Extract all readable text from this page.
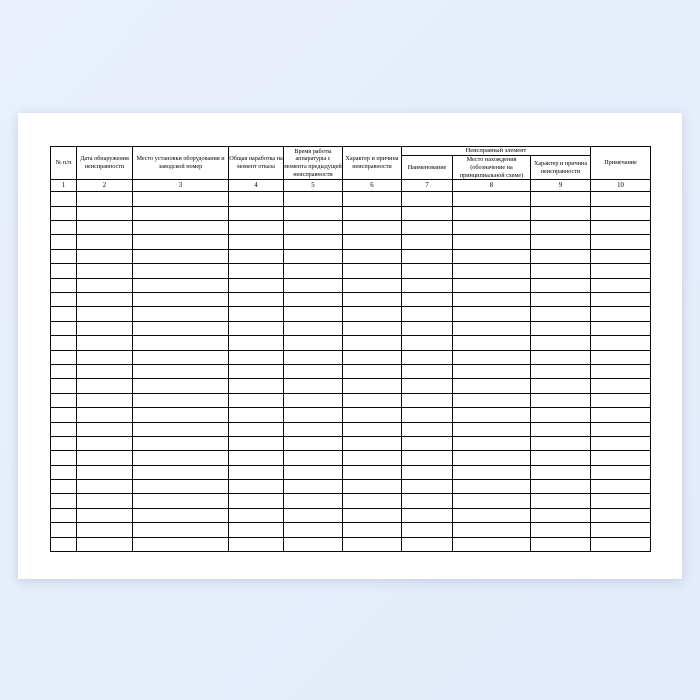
№ п/п	Дата обнаружения неисправности	Место установки оборудования и заводской номер	Общая наработка на момент отказа	Время работы аппаратуры с момента предыдущей неисправности	Характер и причина неисправности	Неисправный элемент			Примечание
						Наименование	Место нахождения (обозначение на принципиальной схеме)	Характер и причина неисправности	
1	2	3	4	5	6	7	8	9	10
